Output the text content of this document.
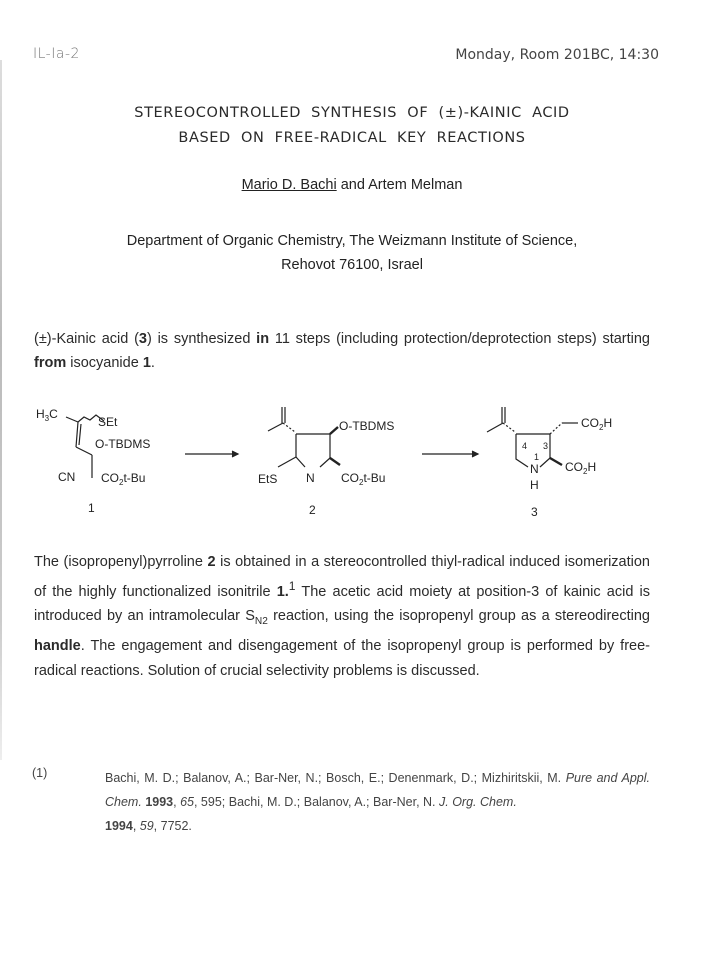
IL-Ia-2	Monday, Room 201BC, 14:30
STEREOCONTROLLED SYNTHESIS OF (±)-KAINIC ACID
BASED ON FREE-RADICAL KEY REACTIONS
Mario D. Bachi and Artem Melman
Department of Organic Chemistry, The Weizmann Institute of Science,
Rehovot 76100, Israel
(±)-Kainic acid (3) is synthesized in 11 steps (including protection/deprotection steps) starting from isocyanide 1.
$H_3C$
SEt
O-TBDMS
CN $CO_2t-Bu$
1
O-TBDMS
EtS N $CO_2t-Bu$
2
$CO_2H$
$CO_2H$
N
H
4 3
1
3
The (isopropenyl)pyrroline 2 is obtained in a stereocontrolled thiyl-radical induced isomerization of the highly functionalized isonitrile 1.$^1$ The acetic acid moiety at position-3 of kainic acid is introduced by an intramolecular $S_{N2}$ reaction, using the isopropenyl group as a stereodirecting handle. The engagement and disengagement of the isopropenyl group is performed by free-radical reactions. Solution of crucial selectivity problems is discussed.
(1)	Bachi, M. D.; Balanov, A.; Bar-Ner, N.; Bosch, E.; Denenmark, D.; Mizhiritskii, M. Pure and Appl. Chem. 1993, 65, 595; Bachi, M. D.; Balanov, A.; Bar-Ner, N. J. Org. Chem.
1994, 59, 7752.
